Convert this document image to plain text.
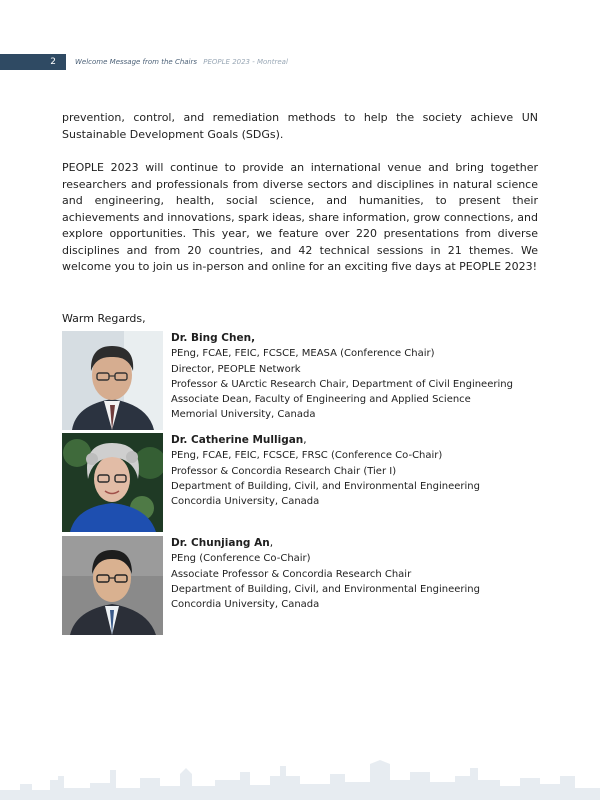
2	Welcome Message from the Chairs PEOPLE 2023 - Montreal
prevention, control, and remediation methods to help the society achieve UN Sustainable Development Goals (SDGs).
PEOPLE 2023 will continue to provide an international venue and bring together researchers and professionals from diverse sectors and disciplines in natural science and engineering, health, social science, and humanities, to present their achievements and innovations, spark ideas, share information, grow connections, and explore opportunities. This year, we feature over 220 presentations from diverse disciplines and from 20 countries, and 42 technical sessions in 21 themes. We welcome you to join us in-person and online for an exciting five days at PEOPLE 2023!
Warm Regards,
Dr. Bing Chen,
PEng, FCAE, FEIC, FCSCE, MEASA (Conference Chair)
Director, PEOPLE Network
Professor & UArctic Research Chair, Department of Civil Engineering
Associate Dean, Faculty of Engineering and Applied Science
Memorial University, Canada
Dr. Catherine Mulligan,
PEng, FCAE, FEIC, FCSCE, FRSC (Conference Co-Chair)
Professor & Concordia Research Chair (Tier I)
Department of Building, Civil, and Environmental Engineering
Concordia University, Canada
Dr. Chunjiang An,
PEng (Conference Co-Chair)
Associate Professor & Concordia Research Chair
Department of Building, Civil, and Environmental Engineering
Concordia University, Canada
